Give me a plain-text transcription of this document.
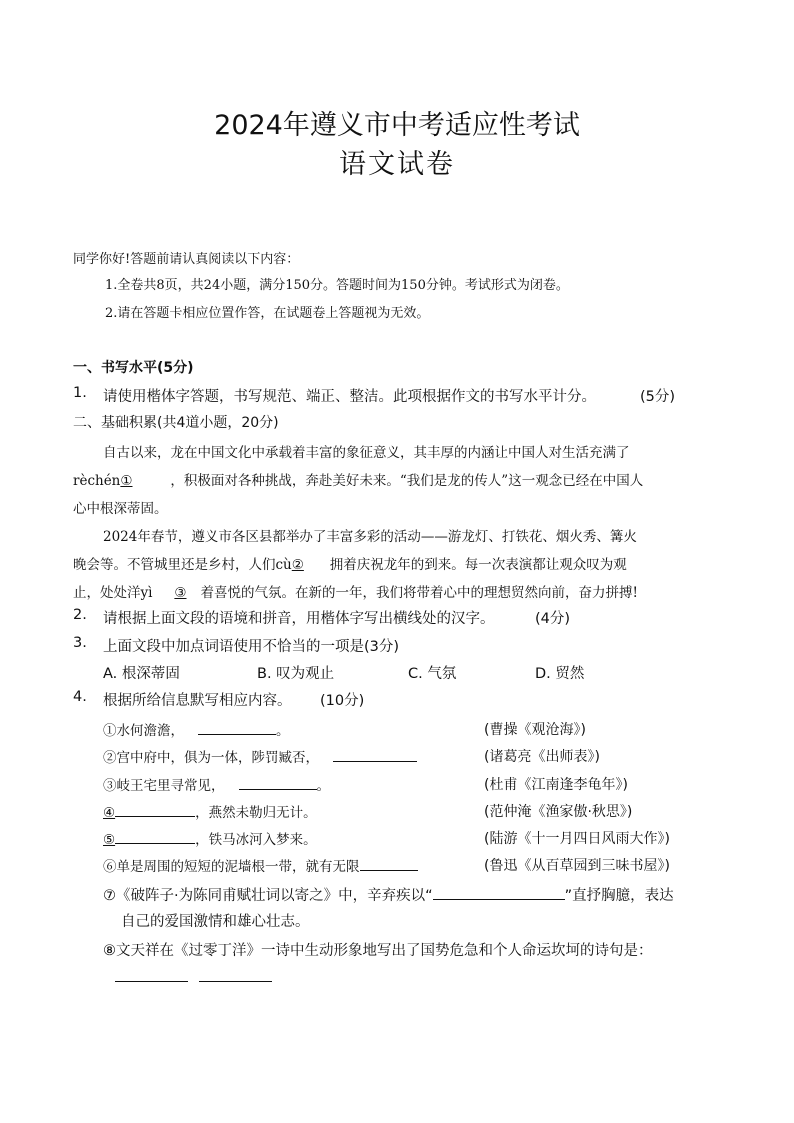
2024年遵义市中考适应性考试
语文试卷
同学你好!答题前请认真阅读以下内容：
1.全卷共8页，共24小题，满分150分。答题时间为150分钟。考试形式为闭卷。
2.请在答题卡相应位置作答，在试题卷上答题视为无效。
一、书写水平(5分)
1. 请使用楷体字答题，书写规范、端正、整洁。此项根据作文的书写水平计分。	(5分)
二、基础积累(共4道小题，20分)
自古以来，龙在中国文化中承载着丰富的象征意义，其丰厚的内涵让中国人对生活充满了
rèchén①	，积极面对各种挑战，奔赴美好未来。“我们是龙的传人”这一观念已经在中国人
心中根深蒂固。
2024年春节，遵义市各区县都举办了丰富多彩的活动——游龙灯、打铁花、烟火秀、篝火
晚会等。不管城里还是乡村，人们cù② 拥着庆祝龙年的到来。每一次表演都让观众叹为观
止，处处洋yì ③ 着喜悦的气氛。在新的一年，我们将带着心中的理想贸然向前，奋力拼搏!
2. 请根据上面文段的语境和拼音，用楷体字写出横线处的汉字。	(4分)
3. 上面文段中加点词语使用不恰当的一项是(3分)
A. 根深蒂固	B. 叹为观止	C. 气氛	D. 贸然
4. 根据所给信息默写相应内容。 (10分)
①水何澹澹，	。	(曹操《观沧海》)
②宫中府中，俱为一体，陟罚臧否，	(诸葛亮《出师表》)
③岐王宅里寻常见，	。	(杜甫《江南逢李龟年》)
④	，燕然未勒归无计。	(范仲淹《渔家傲·秋思》)
⑤	，铁马冰河入梦来。	(陆游《十一月四日风雨大作》)
⑥单是周围的短短的泥墙根一带，就有无限	(鲁迅《从百草园到三味书屋》)
⑦《破阵子·为陈同甫赋壮词以寄之》中，辛弃疾以“	”直抒胸臆，表达
自己的爱国激情和雄心壮志。
⑧文天祥在《过零丁洋》一诗中生动形象地写出了国势危急和个人命运坎坷的诗句是：
